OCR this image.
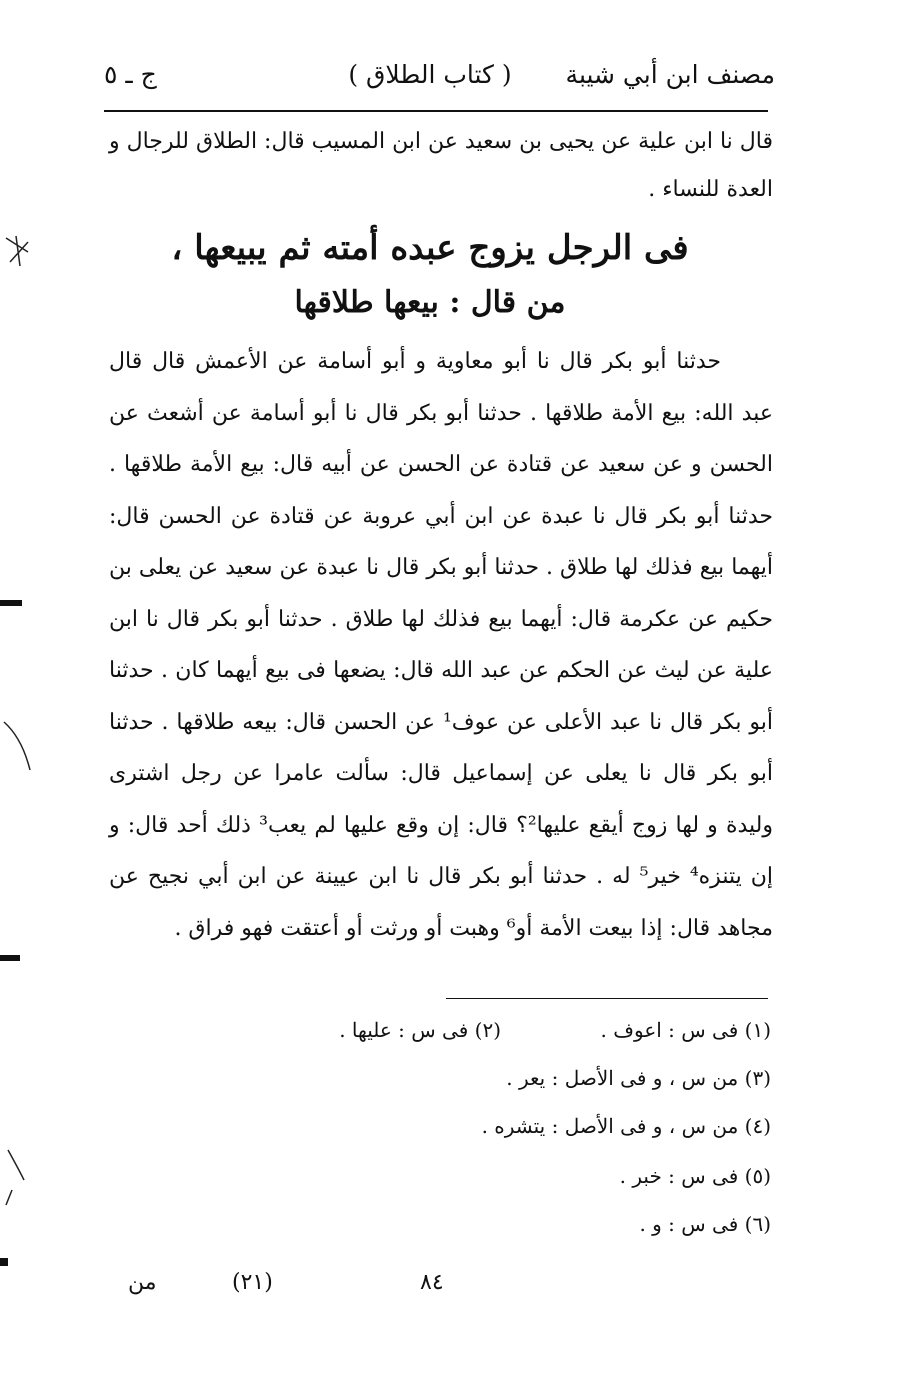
مصنف ابن أبي شيبة
( كتاب الطلاق )
ج ـ ٥
قال نا ابن علية عن يحيى بن سعيد عن ابن المسيب قال: الطلاق للرجال و العدة للنساء .
فى الرجل يزوج عبده أمته ثم يبيعها ،
من قال : بيعها طلاقها
حدثنا أبو بكر قال نا أبو معاوية و أبو أسامة عن الأعمش قال قال عبد الله: بيع الأمة طلاقها . حدثنا أبو بكر قال نا أبو أسامة عن أشعث عن الحسن و عن سعيد عن قتادة عن الحسن عن أبيه قال: بيع الأمة طلاقها . حدثنا أبو بكر قال نا عبدة عن ابن أبي عروبة عن قتادة عن الحسن قال: أيهما بيع فذلك لها طلاق . حدثنا أبو بكر قال نا عبدة عن سعيد عن يعلى بن حكيم عن عكرمة قال: أيهما بيع فذلك لها طلاق . حدثنا أبو بكر قال نا ابن علية عن ليث عن الحكم عن عبد الله قال: يضعها فى بيع أيهما كان . حدثنا أبو بكر قال نا عبد الأعلى عن عوف¹ عن الحسن قال: بيعه طلاقها . حدثنا أبو بكر قال نا يعلى عن إسماعيل قال: سألت عامرا عن رجل اشترى وليدة و لها زوج أيقع عليها²؟ قال: إن وقع عليها لم يعب³ ذلك أحد قال: و إن يتنزه⁴ خير⁵ له . حدثنا أبو بكر قال نا ابن عيينة عن ابن أبي نجيح عن مجاهد قال: إذا بيعت الأمة أو⁶ وهبت أو ورثت أو أعتقت فهو فراق .
(١) فى س : اعوف .
(٢) فى س : عليها .
(٣) من س ، و فى الأصل : يعر .
(٤) من س ، و فى الأصل : يتشره .
(٥) فى س : خبر .
(٦) فى س : و .
٨٤
(٢١)
من
